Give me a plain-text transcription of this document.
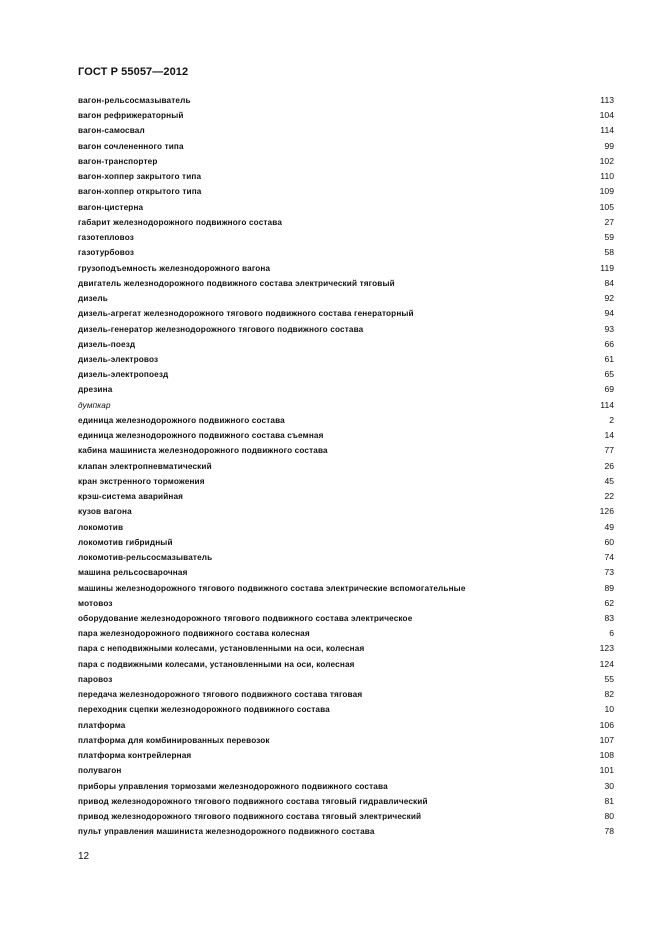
ГОСТ Р 55057—2012
вагон-рельсосмазыватель	113
вагон рефрижераторный	104
вагон-самосвал	114
вагон сочлененного типа	99
вагон-транспортер	102
вагон-хоппер закрытого типа	110
вагон-хоппер открытого типа	109
вагон-цистерна	105
габарит железнодорожного подвижного состава	27
газотепловоз	59
газотурбовоз	58
грузоподъемность железнодорожного вагона	119
двигатель железнодорожного подвижного состава электрический тяговый	84
дизель	92
дизель-агрегат железнодорожного тягового подвижного состава генераторный	94
дизель-генератор железнодорожного тягового подвижного состава	93
дизель-поезд	66
дизель-электровоз	61
дизель-электропоезд	65
дрезина	69
думпкар	114
единица железнодорожного подвижного состава	2
единица железнодорожного подвижного состава съемная	14
кабина машиниста железнодорожного подвижного состава	77
клапан электропневматический	26
кран экстренного торможения	45
крэш-система аварийная	22
кузов вагона	126
локомотив	49
локомотив гибридный	60
локомотив-рельсосмазыватель	74
машина рельсосварочная	73
машины железнодорожного тягового подвижного состава электрические вспомогательные	89
мотовоз	62
оборудование железнодорожного тягового подвижного состава электрическое	83
пара железнодорожного подвижного состава колесная	6
пара с неподвижными колесами, установленными на оси, колесная	123
пара с подвижными колесами, установленными на оси, колесная	124
паровоз	55
передача железнодорожного тягового подвижного состава тяговая	82
переходник сцепки железнодорожного подвижного состава	10
платформа	106
платформа для комбинированных перевозок	107
платформа контрейлерная	108
полувагон	101
приборы управления тормозами железнодорожного подвижного состава	30
привод железнодорожного тягового подвижного состава тяговый гидравлический	81
привод железнодорожного тягового подвижного состава тяговый электрический	80
пульт управления машиниста железнодорожного подвижного состава	78
12
